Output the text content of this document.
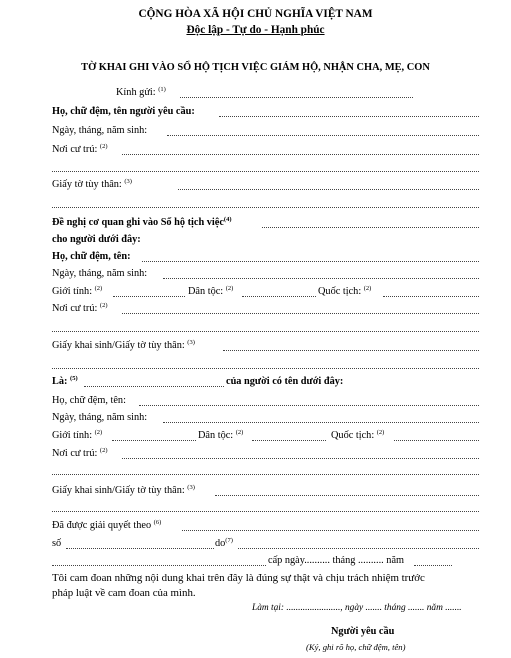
CỘNG HÒA XÃ HỘI CHỦ NGHĨA VIỆT NAM
Độc lập - Tự do - Hạnh phúc
TỜ KHAI GHI VÀO SỔ HỘ TỊCH VIỆC GIÁM HỘ, NHẬN CHA, MẸ, CON
Kính gửi: $^{(1)}$
Họ, chữ đệm, tên người yêu cầu:
Ngày, tháng, năm sinh:
Nơi cư trú: $^{(2)}$
Giấy tờ tùy thân: $^{(3)}$
Đề nghị cơ quan ghi vào Sổ hộ tịch việc$^{(4)}$
cho người dưới đây:
Họ, chữ đệm, tên:
Ngày, tháng, năm sinh:
Giới tính: $^{(2)}$	Dân tộc: $^{(2)}$	Quốc tịch: $^{(2)}$
Nơi cư trú: $^{(2)}$
Giấy khai sinh/Giấy tờ tùy thân: $^{(3)}$
Là: $^{(5)}$	của người có tên dưới đây:
Họ, chữ đệm, tên:
Ngày, tháng, năm sinh:
Giới tính: $^{(2)}$	Dân tộc: $^{(2)}$	Quốc tịch: $^{(2)}$
Nơi cư trú: $^{(2)}$
Giấy khai sinh/Giấy tờ tùy thân: $^{(3)}$
Đã được giải quyết theo $^{(6)}$
số	$do^{(7)}$
cấp ngày.......... tháng .......... năm
Tôi cam đoan những nội dung khai trên đây là đúng sự thật và chịu trách nhiệm trước
pháp luật về cam đoan của mình.
Làm tại: ......................., ngày ....... tháng ....... năm .......
Người yêu cầu
(Ký, ghi rõ họ, chữ đệm, tên)
